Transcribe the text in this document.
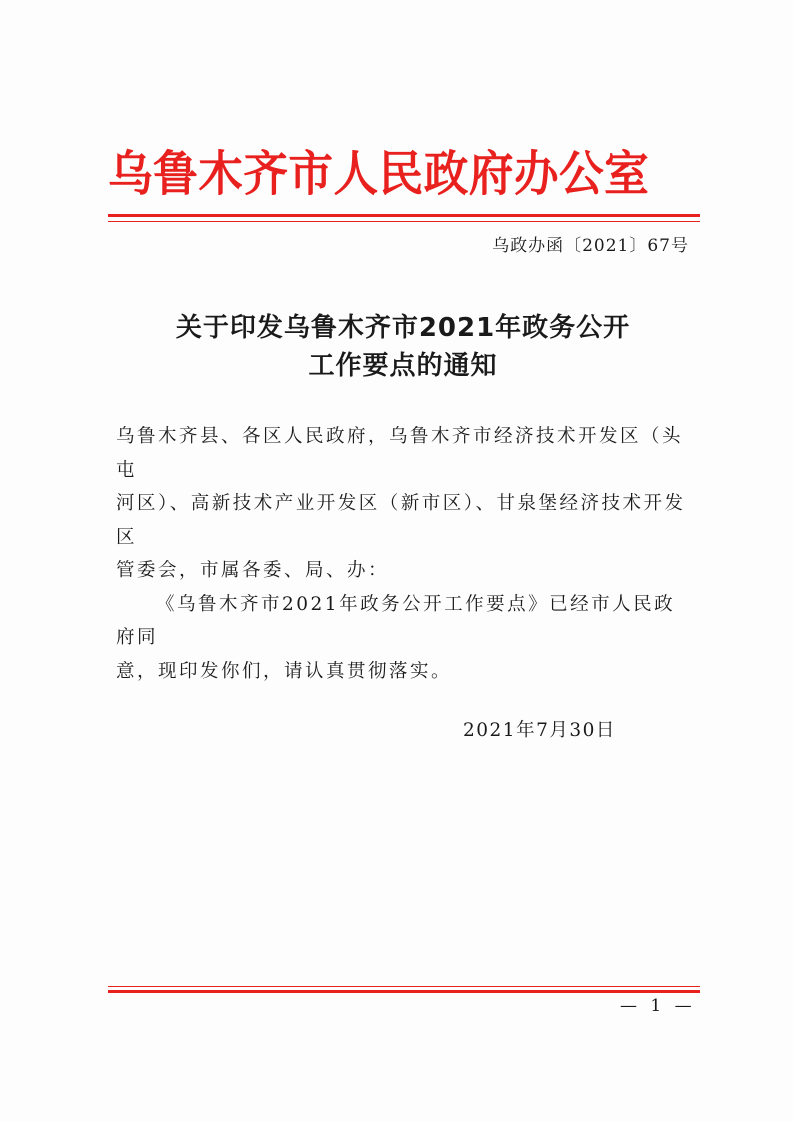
乌鲁木齐市人民政府办公室
乌政办函〔2021〕67号
关于印发乌鲁木齐市2021年政务公开
工作要点的通知

乌鲁木齐县、各区人民政府，乌鲁木齐市经济技术开发区（头屯

河区）、高新技术产业开发区（新市区）、甘泉堡经济技术开发区

管委会，市属各委、局、办：

《乌鲁木齐市2021年政务公开工作要点》已经市人民政府同

意，现印发你们，请认真贯彻落实。

2021年7月30日
— 1 —
